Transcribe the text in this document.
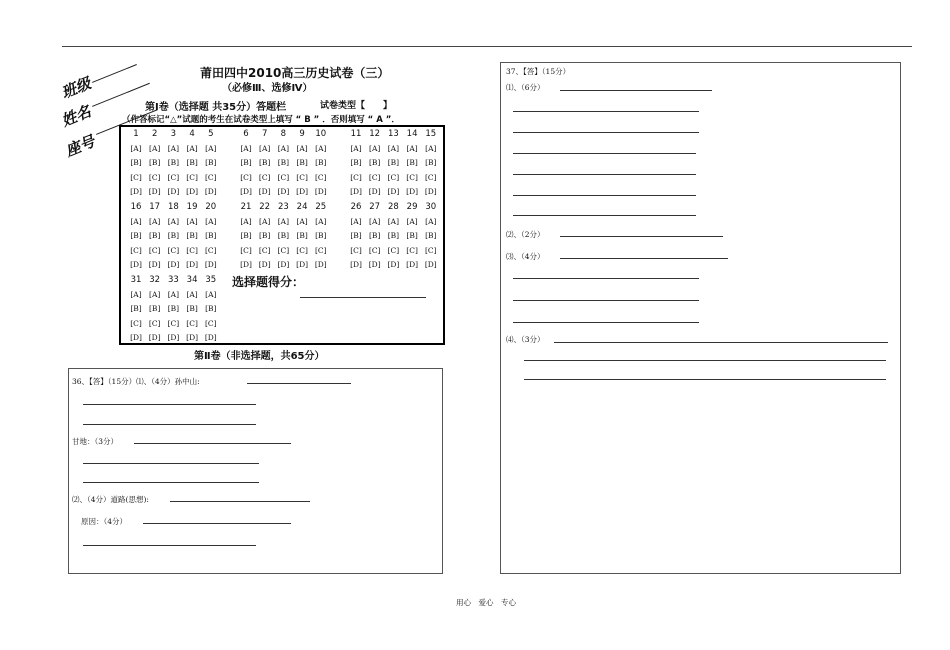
班级
姓名
座号
莆田四中2010高三历史试卷（三）
（必修Ⅲ、选修Ⅳ）
第Ⅰ卷（选择题 共35分）答题栏	试卷类型【　　】
（作答标记“△”试题的考生在试卷类型上填写 “ B ” ．否则填写 “ A ”．
1
[A]
[B]
[C]
[D]
2
[A]
[B]
[C]
[D]
3
[A]
[B]
[C]
[D]
4
[A]
[B]
[C]
[D]
5
[A]
[B]
[C]
[D]
6
[A]
[B]
[C]
[D]
7
[A]
[B]
[C]
[D]
8
[A]
[B]
[C]
[D]
9
[A]
[B]
[C]
[D]
10
[A]
[B]
[C]
[D]
11
[A]
[B]
[C]
[D]
12
[A]
[B]
[C]
[D]
13
[A]
[B]
[C]
[D]
14
[A]
[B]
[C]
[D]
15
[A]
[B]
[C]
[D]
16
[A]
[B]
[C]
[D]
17
[A]
[B]
[C]
[D]
18
[A]
[B]
[C]
[D]
19
[A]
[B]
[C]
[D]
20
[A]
[B]
[C]
[D]
21
[A]
[B]
[C]
[D]
22
[A]
[B]
[C]
[D]
23
[A]
[B]
[C]
[D]
24
[A]
[B]
[C]
[D]
25
[A]
[B]
[C]
[D]
26
[A]
[B]
[C]
[D]
27
[A]
[B]
[C]
[D]
28
[A]
[B]
[C]
[D]
29
[A]
[B]
[C]
[D]
30
[A]
[B]
[C]
[D]
31
[A]
[B]
[C]
[D]
32
[A]
[B]
[C]
[D]
33
[A]
[B]
[C]
[D]
34
[A]
[B]
[C]
[D]
35
[A]
[B]
[C]
[D]
选择题得分：
第Ⅱ卷（非选择题，共65分）
36、【答】（15分）⑴、（4分）孙中山:
甘地：（3分）
⑵、（4分）道路(思想):
原因：（4分）
37、【答】（15分）
⑴、（6分）
⑵、（2分）
⑶、（4分）
⑷、（3分）
用心　爱心　专心
